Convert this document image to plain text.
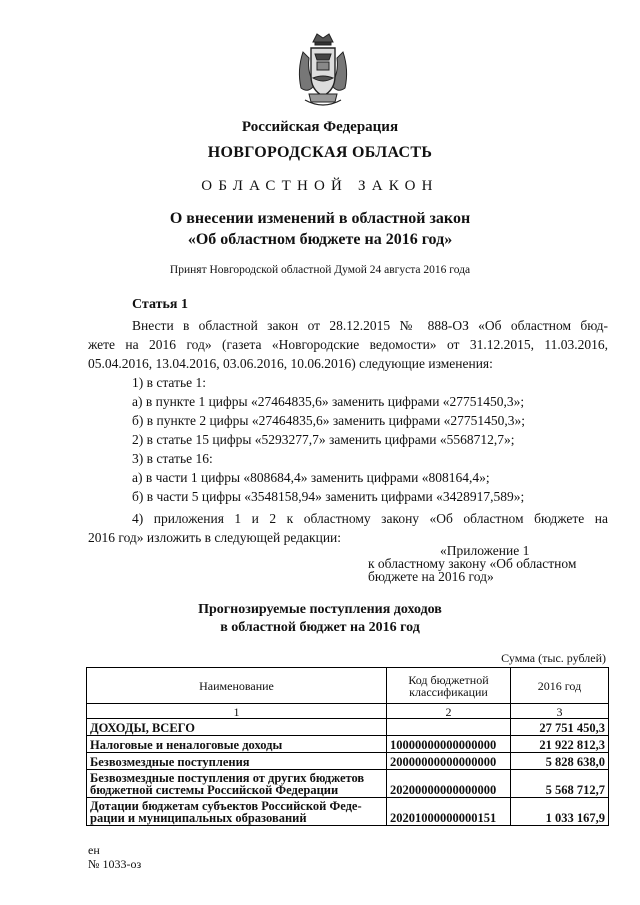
Российская Федерация
НОВГОРОДСКАЯ ОБЛАСТЬ
ОБЛАСТНОЙ ЗАКОН
О внесении изменений в областной закон
«Об областном бюджете на 2016 год»
Принят Новгородской областной Думой 24 августа 2016 года
Статья 1
Внести в областной закон от 28.12.2015 № 888-ОЗ «Об областном бюд-
жете на 2016 год» (газета «Новгородские ведомости» от 31.12.2015, 11.03.2016,
05.04.2016, 13.04.2016, 03.06.2016, 10.06.2016) следующие изменения:
1) в статье 1:
а) в пункте 1 цифры «27464835,6» заменить цифрами «27751450,3»;
б) в пункте 2 цифры «27464835,6» заменить цифрами «27751450,3»;
2) в статье 15 цифры «5293277,7» заменить цифрами «5568712,7»;
3) в статье 16:
а) в части 1 цифры «808684,4» заменить цифрами «808164,4»;
б) в части 5 цифры «3548158,94» заменить цифрами «3428917,589»;
4) приложения 1 и 2 к областному закону «Об областном бюджете на
2016 год» изложить в следующей редакции:
«Приложение 1
к областному закону «Об областном
бюджете на 2016 год»
Прогнозируемые поступления доходов
в областной бюджет на 2016 год
Сумма (тыс. рублей)
Наименование	Код бюджетной классификации	2016 год
1	2	3
ДОХОДЫ, ВСЕГО		27 751 450,3
Налоговые и неналоговые доходы	10000000000000000	21 922 812,3
Безвозмездные поступления	20000000000000000	5 828 638,0
Безвозмездные поступления от других бюджетов бюджетной системы Российской Федерации	20200000000000000	5 568 712,7
Дотации бюджетам субъектов Российской Феде-рации и муниципальных образований	20201000000000151	1 033 167,9
ен
№ 1033-оз
